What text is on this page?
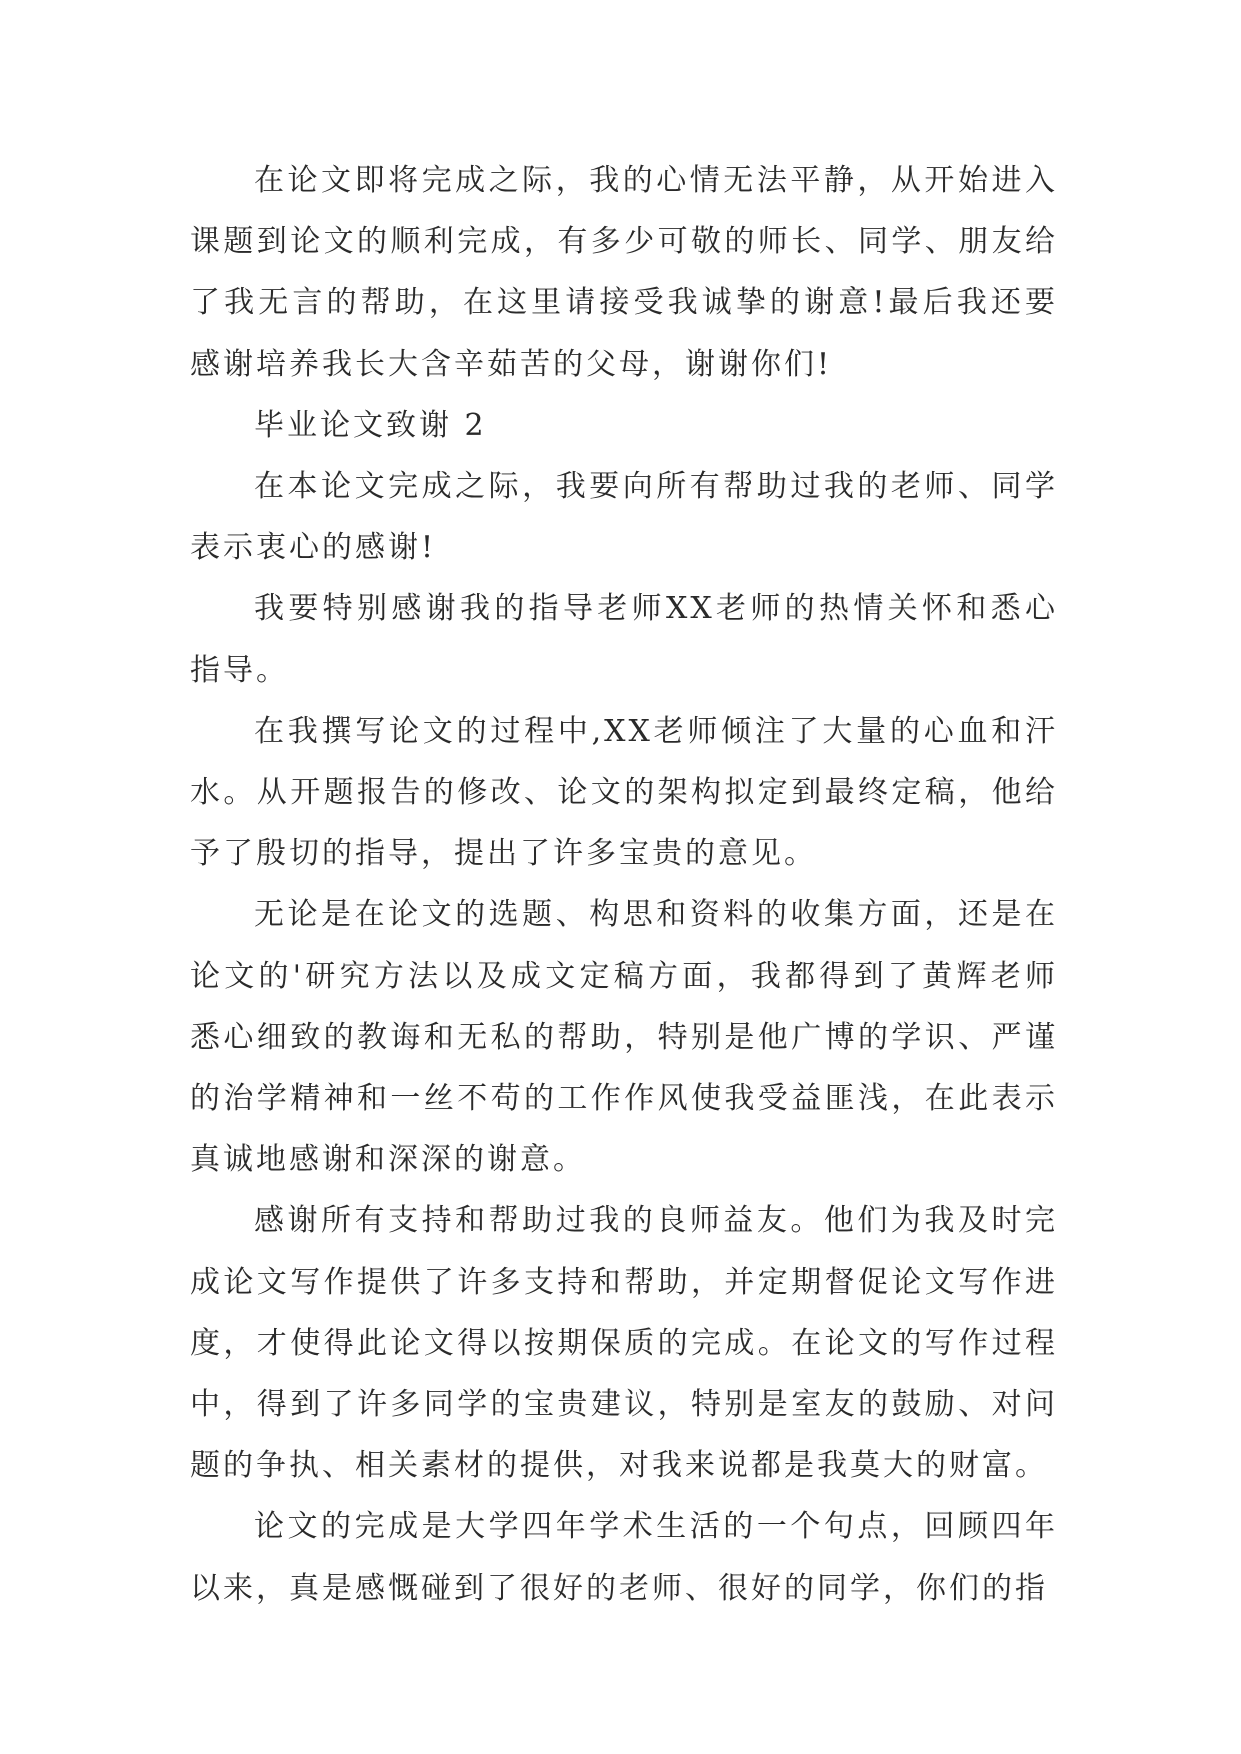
在论文即将完成之际，我的心情无法平静，从开始进入课题到论文的顺利完成，有多少可敬的师长、同学、朋友给了我无言的帮助，在这里请接受我诚挚的谢意!最后我还要感谢培养我长大含辛茹苦的父母，谢谢你们!

毕业论文致谢 2

在本论文完成之际，我要向所有帮助过我的老师、同学表示衷心的感谢!

我要特别感谢我的指导老师XX老师的热情关怀和悉心指导。

在我撰写论文的过程中,XX老师倾注了大量的心血和汗水。从开题报告的修改、论文的架构拟定到最终定稿，他给予了殷切的指导，提出了许多宝贵的意见。

无论是在论文的选题、构思和资料的收集方面，还是在论文的'研究方法以及成文定稿方面，我都得到了黄辉老师悉心细致的教诲和无私的帮助，特别是他广博的学识、严谨的治学精神和一丝不苟的工作作风使我受益匪浅，在此表示真诚地感谢和深深的谢意。

感谢所有支持和帮助过我的良师益友。他们为我及时完成论文写作提供了许多支持和帮助，并定期督促论文写作进度，才使得此论文得以按期保质的完成。在论文的写作过程中，得到了许多同学的宝贵建议，特别是室友的鼓励、对问题的争执、相关素材的提供，对我来说都是我莫大的财富。

论文的完成是大学四年学术生活的一个句点，回顾四年以来，真是感慨碰到了很好的老师、很好的同学，你们的指
